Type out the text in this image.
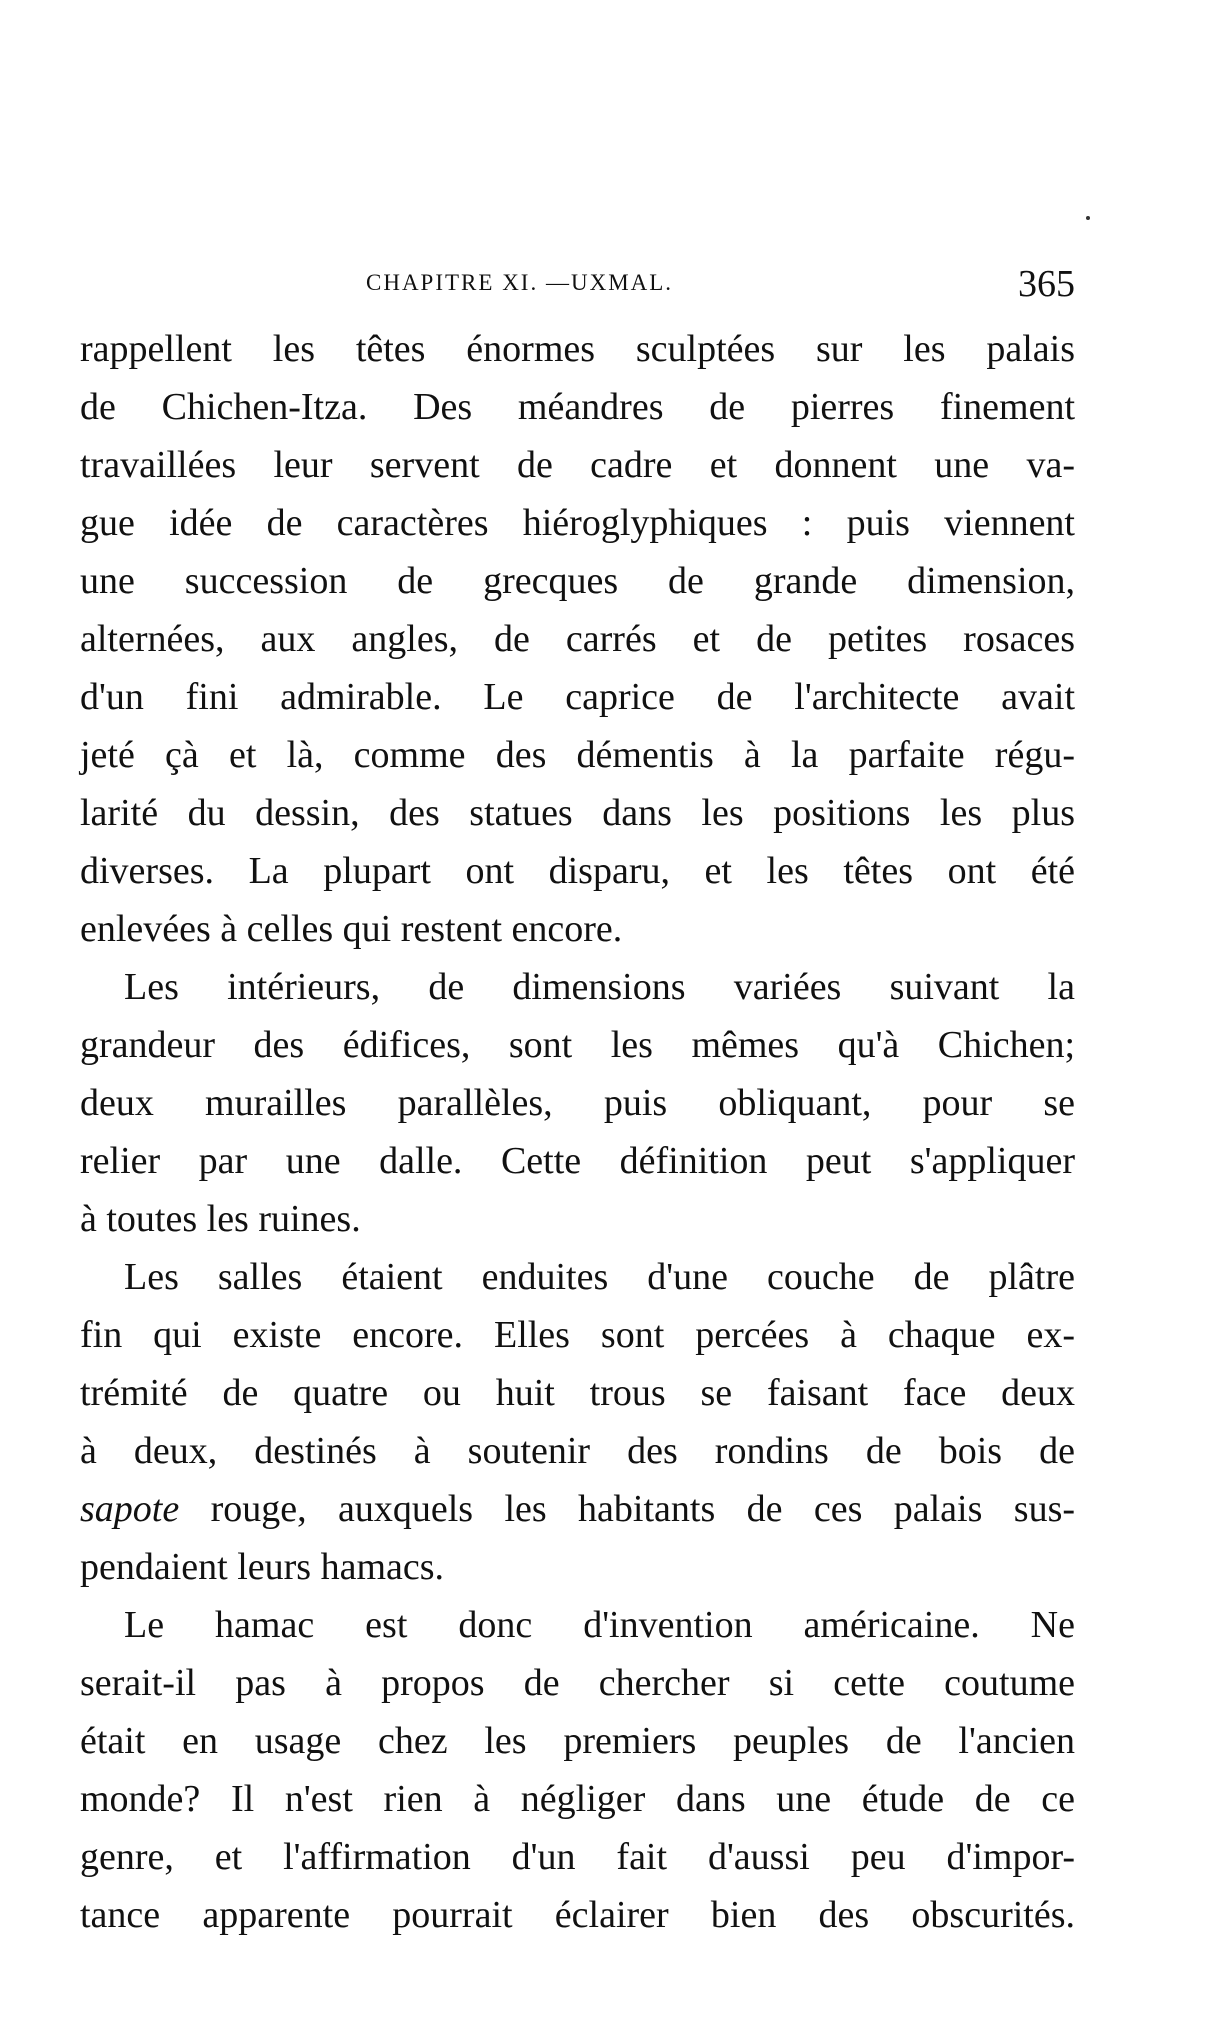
CHAPITRE XI. —UXMAL.	365

rappellent les têtes énormes sculptées sur les palais
de Chichen-Itza. Des méandres de pierres finement
travaillées leur servent de cadre et donnent une va-
gue idée de caractères hiéroglyphiques : puis viennent
une succession de grecques de grande dimension,
alternées, aux angles, de carrés et de petites rosaces
d'un fini admirable. Le caprice de l'architecte avait
jeté çà et là, comme des démentis à la parfaite régu-
larité du dessin, des statues dans les positions les plus
diverses. La plupart ont disparu, et les têtes ont été
enlevées à celles qui restent encore.

Les intérieurs, de dimensions variées suivant la
grandeur des édifices, sont les mêmes qu'à Chichen;
deux murailles parallèles, puis obliquant, pour se
relier par une dalle. Cette définition peut s'appliquer
à toutes les ruines.

Les salles étaient enduites d'une couche de plâtre
fin qui existe encore. Elles sont percées à chaque ex-
trémité de quatre ou huit trous se faisant face deux
à deux, destinés à soutenir des rondins de bois de
sapote rouge, auxquels les habitants de ces palais sus-
pendaient leurs hamacs.

Le hamac est donc d'invention américaine. Ne
serait-il pas à propos de chercher si cette coutume
était en usage chez les premiers peuples de l'ancien
monde? Il n'est rien à négliger dans une étude de ce
genre, et l'affirmation d'un fait d'aussi peu d'impor-
tance apparente pourrait éclairer bien des obscurités.
